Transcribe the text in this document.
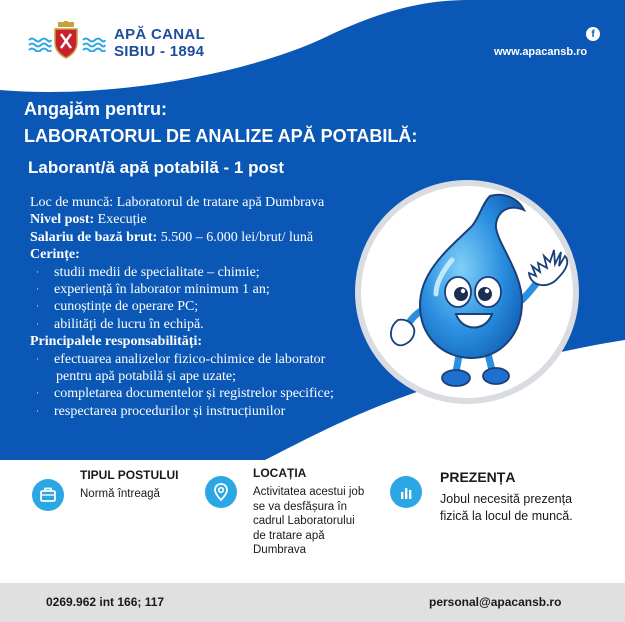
APĂ CANAL
SIBIU - 1894
f
www.apacansb.ro
Angajăm pentru:
LABORATORUL DE ANALIZE APĂ POTABILĂ:
Laborant/ă apă potabilă - 1 post
Loc de muncă: Laboratorul de tratare apă Dumbrava
Nivel post: Execuție
Salariu de bază brut: 5.500 – 6.000 lei/brut/ lună
Cerințe:
· studii medii de specialitate – chimie;
· experiență în laborator minimum 1 an;
· cunoștințe de operare PC;
· abilități de lucru în echipă.
Principalele responsabilități:
· efectuarea analizelor fizico-chimice de laborator
pentru apă potabilă și ape uzate;
· completarea documentelor și registrelor specifice;
· respectarea procedurilor și instrucțiunilor
TIPUL POSTULUI
Normă întreagă
LOCAȚIA
Activitatea acestui job
se va desfășura în
cadrul Laboratorului
de tratare apă
Dumbrava
PREZENȚA
Jobul necesită prezența
fizică la locul de muncă.
0269.962 int 166; 117	personal@apacansb.ro
